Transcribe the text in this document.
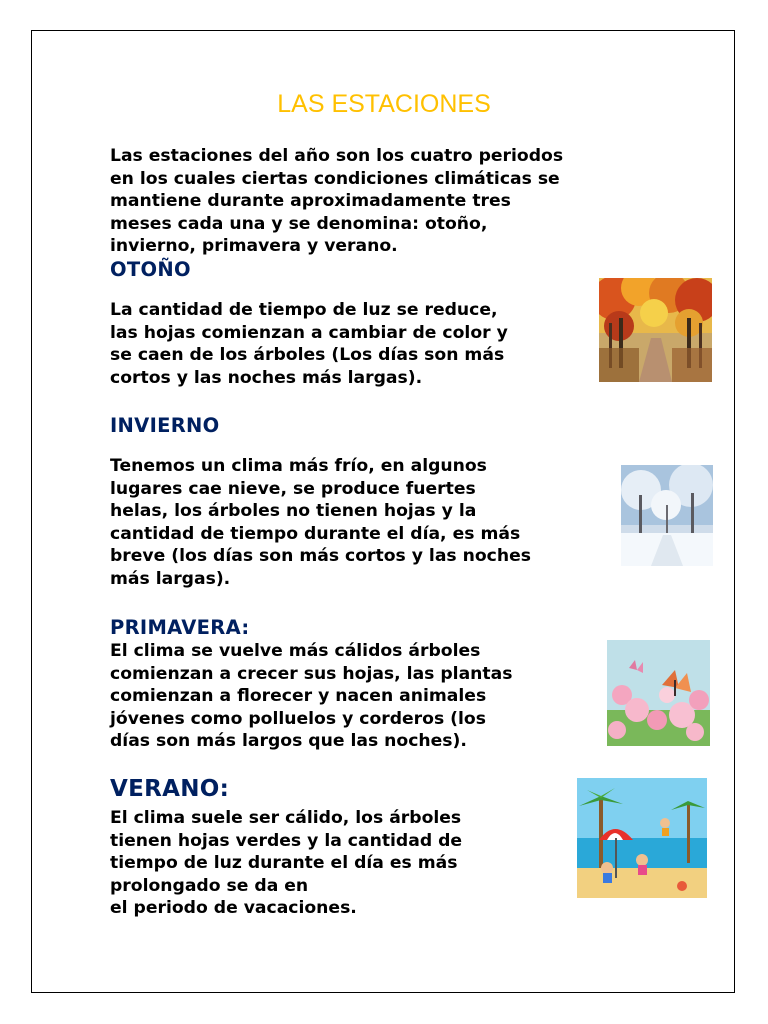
LAS ESTACIONES

Las estaciones del año son los cuatro periodos
en los cuales ciertas condiciones climáticas se
mantiene durante aproximadamente tres
meses cada una y se denomina: otoño,
invierno, primavera y verano.

OTOÑO

La cantidad de tiempo de luz se reduce,
las hojas comienzan a cambiar de color y
se caen de los árboles (Los días son más
cortos y las noches más largas).

INVIERNO

Tenemos un clima más frío, en algunos
lugares cae nieve, se produce fuertes
helas, los árboles no tienen hojas y la
cantidad de tiempo durante el día, es más
breve (los días son más cortos y las noches
más largas).

PRIMAVERA:

El clima se vuelve más cálidos árboles
comienzan a crecer sus hojas, las plantas
comienzan a florecer y nacen animales
jóvenes como polluelos y corderos (los
días son más largos que las noches).

VERANO:

El clima suele ser cálido, los árboles
tienen hojas verdes y la cantidad de
tiempo de luz durante el día es más
prolongado se da en
el periodo de vacaciones.
